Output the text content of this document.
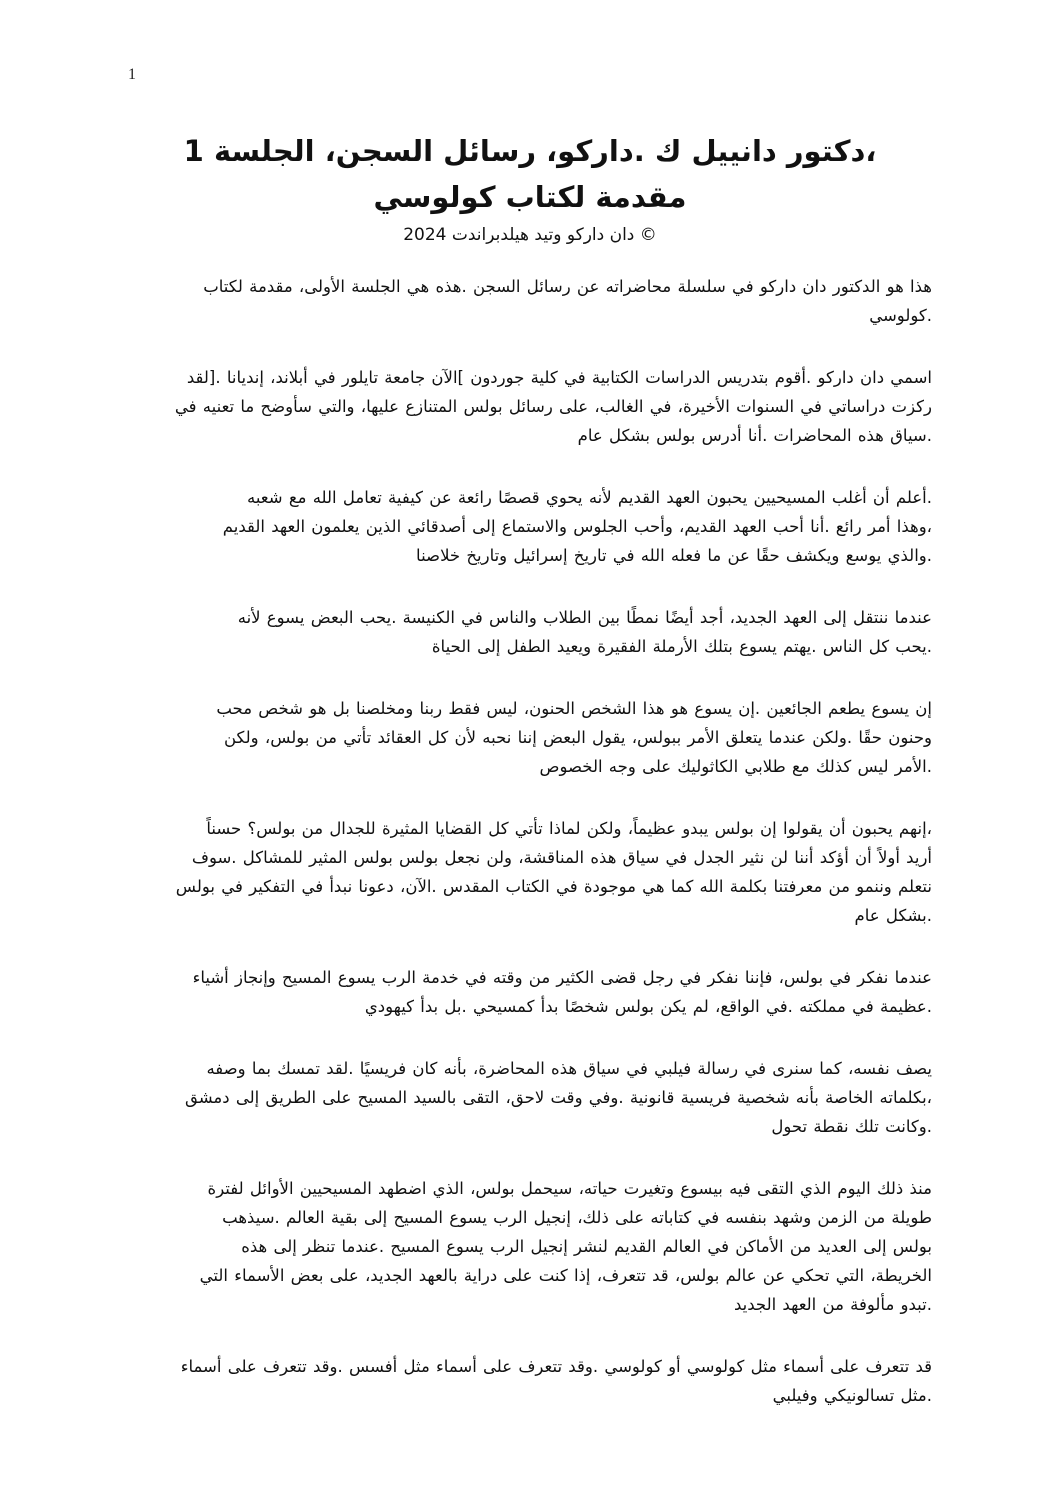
1
،دكتور دانييل ك .داركو، رسائل السجن، الجلسة 1
مقدمة لكتاب كولوسي
دان داركو وتيد هيلدبراندت 2024 ©
هذا هو الدكتور دان داركو في سلسلة محاضراته عن رسائل السجن .هذه هي الجلسة الأولى، مقدمة لكتاب
.كولوسي
اسمي دان داركو .أقوم بتدريس الدراسات الكتابية في كلية جوردون ]الآن جامعة تايلور في أبلاند، إنديانا .[لقد
ركزت دراساتي في السنوات الأخيرة، في الغالب، على رسائل بولس المتنازع عليها، والتي سأوضح ما تعنيه في
.سياق هذه المحاضرات .أنا أدرس بولس بشكل عام
.أعلم أن أغلب المسيحيين يحبون العهد القديم لأنه يحوي قصصًا رائعة عن كيفية تعامل الله مع شعبه
،وهذا أمر رائع .أنا أحب العهد القديم، وأحب الجلوس والاستماع إلى أصدقائي الذين يعلمون العهد القديم
.والذي يوسع ويكشف حقًا عن ما فعله الله في تاريخ إسرائيل وتاريخ خلاصنا
عندما ننتقل إلى العهد الجديد، أجد أيضًا نمطًا بين الطلاب والناس في الكنيسة .يحب البعض يسوع لأنه
.يحب كل الناس .يهتم يسوع بتلك الأرملة الفقيرة ويعيد الطفل إلى الحياة
إن يسوع يطعم الجائعين .إن يسوع هو هذا الشخص الحنون، ليس فقط ربنا ومخلصنا بل هو شخص محب
وحنون حقًا .ولكن عندما يتعلق الأمر ببولس، يقول البعض إننا نحبه لأن كل العقائد تأتي من بولس، ولكن
.الأمر ليس كذلك مع طلابي الكاثوليك على وجه الخصوص
،إنهم يحبون أن يقولوا إن بولس يبدو عظيماً، ولكن لماذا تأتي كل القضايا المثيرة للجدال من بولس؟ حسناً
أريد أولاً أن أؤكد أننا لن نثير الجدل في سياق هذه المناقشة، ولن نجعل بولس بولس المثير للمشاكل .سوف
نتعلم وننمو من معرفتنا بكلمة الله كما هي موجودة في الكتاب المقدس .الآن، دعونا نبدأ في التفكير في بولس
.بشكل عام
عندما نفكر في بولس، فإننا نفكر في رجل قضى الكثير من وقته في خدمة الرب يسوع المسيح وإنجاز أشياء
.عظيمة في مملكته .في الواقع، لم يكن بولس شخصًا بدأ كمسيحي .بل بدأ كيهودي
يصف نفسه، كما سنرى في رسالة فيلبي في سياق هذه المحاضرة، بأنه كان فريسيًا .لقد تمسك بما وصفه
،بكلماته الخاصة بأنه شخصية فريسية قانونية .وفي وقت لاحق، التقى بالسيد المسيح على الطريق إلى دمشق
.وكانت تلك نقطة تحول
منذ ذلك اليوم الذي التقى فيه بيسوع وتغيرت حياته، سيحمل بولس، الذي اضطهد المسيحيين الأوائل لفترة
طويلة من الزمن وشهد بنفسه في كتاباته على ذلك، إنجيل الرب يسوع المسيح إلى بقية العالم .سيذهب
بولس إلى العديد من الأماكن في العالم القديم لنشر إنجيل الرب يسوع المسيح .عندما تنظر إلى هذه
الخريطة، التي تحكي عن عالم بولس، قد تتعرف، إذا كنت على دراية بالعهد الجديد، على بعض الأسماء التي
.تبدو مألوفة من العهد الجديد
قد تتعرف على أسماء مثل كولوسي أو كولوسي .وقد تتعرف على أسماء مثل أفسس .وقد تتعرف على أسماء
.مثل تسالونيكي وفيلبي
